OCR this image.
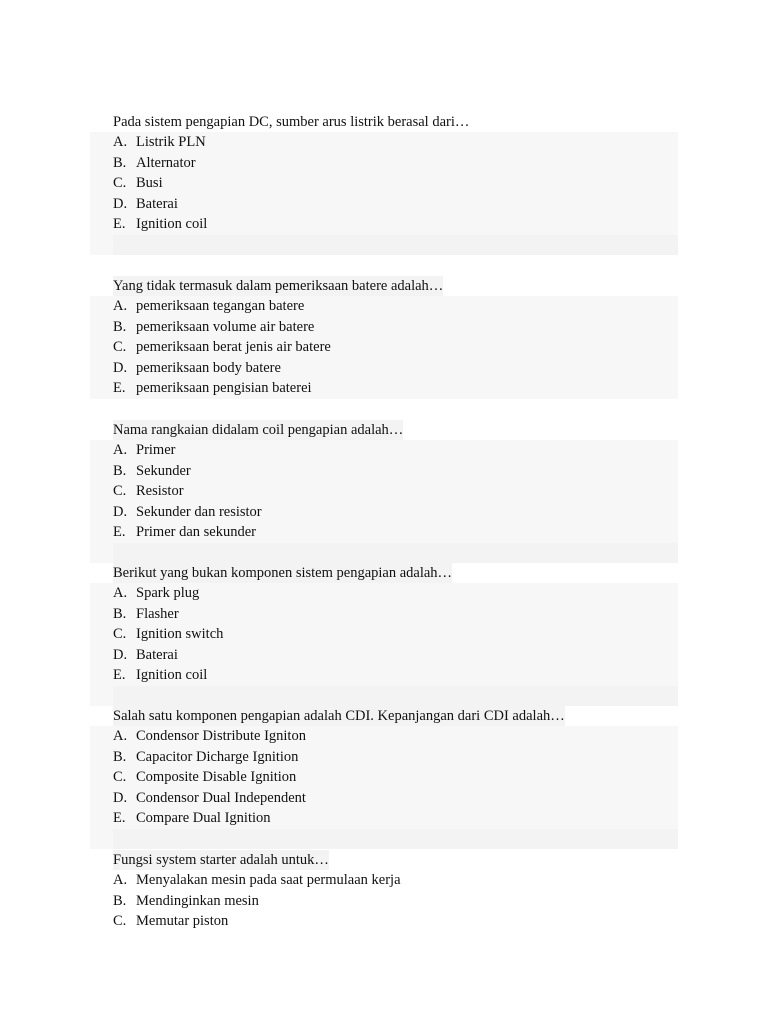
Pada sistem pengapian DC, sumber arus listrik berasal dari…
A. Listrik PLN
B. Alternator
C. Busi
D. Baterai
E. Ignition coil
Yang tidak termasuk dalam pemeriksaan batere adalah…
A. pemeriksaan tegangan batere
B. pemeriksaan volume air batere
C. pemeriksaan berat jenis air batere
D. pemeriksaan body batere
E. pemeriksaan pengisian baterei
Nama rangkaian didalam coil pengapian adalah…
A. Primer
B. Sekunder
C. Resistor
D. Sekunder dan resistor
E. Primer dan sekunder
Berikut yang bukan komponen sistem pengapian adalah…
A. Spark plug
B. Flasher
C. Ignition switch
D. Baterai
E. Ignition coil
Salah satu komponen pengapian adalah CDI. Kepanjangan dari CDI adalah…
A. Condensor Distribute Igniton
B. Capacitor Dicharge Ignition
C. Composite Disable Ignition
D. Condensor Dual Independent
E. Compare Dual Ignition
Fungsi system starter adalah untuk…
A. Menyalakan mesin pada saat permulaan kerja
B. Mendinginkan mesin
C. Memutar piston
